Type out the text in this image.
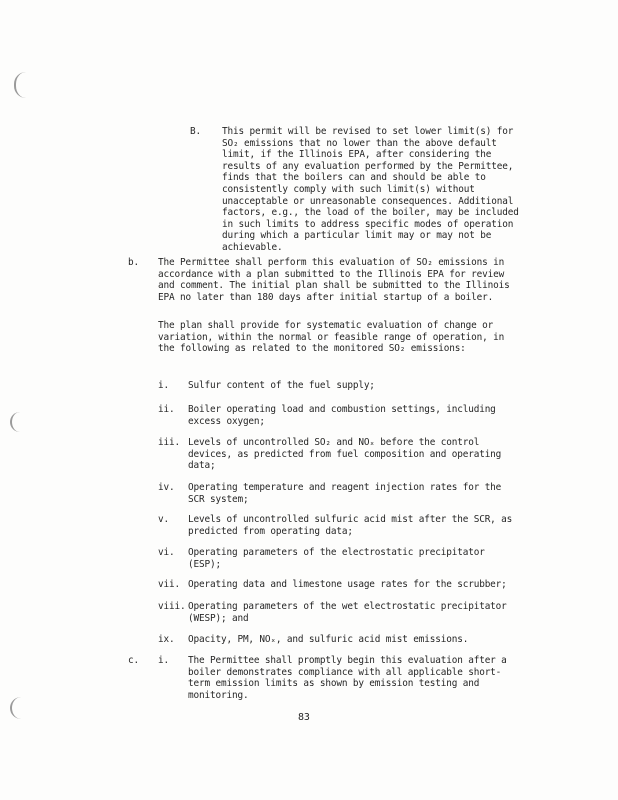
B. This permit will be revised to set lower limit(s) for SO₂ emissions that no lower than the above default limit, if the Illinois EPA, after considering the results of any evaluation performed by the Permittee, finds that the boilers can and should be able to consistently comply with such limit(s) without unacceptable or unreasonable consequences. Additional factors, e.g., the load of the boiler, may be included in such limits to address specific modes of operation during which a particular limit may or may not be achievable.

b. The Permittee shall perform this evaluation of SO₂ emissions in accordance with a plan submitted to the Illinois EPA for review and comment. The initial plan shall be submitted to the Illinois EPA no later than 180 days after initial startup of a boiler.

The plan shall provide for systematic evaluation of change or variation, within the normal or feasible range of operation, in the following as related to the monitored SO₂ emissions:

i. Sulfur content of the fuel supply;

ii. Boiler operating load and combustion settings, including excess oxygen;

iii. Levels of uncontrolled SO₂ and NOₓ before the control devices, as predicted from fuel composition and operating data;

iv. Operating temperature and reagent injection rates for the SCR system;

v. Levels of uncontrolled sulfuric acid mist after the SCR, as predicted from operating data;

vi. Operating parameters of the electrostatic precipitator (ESP);

vii. Operating data and limestone usage rates for the scrubber;

viii. Operating parameters of the wet electrostatic precipitator (WESP); and

ix. Opacity, PM, NOₓ, and sulfuric acid mist emissions.

c. i. The Permittee shall promptly begin this evaluation after a boiler demonstrates compliance with all applicable short-term emission limits as shown by emission testing and monitoring.

83
